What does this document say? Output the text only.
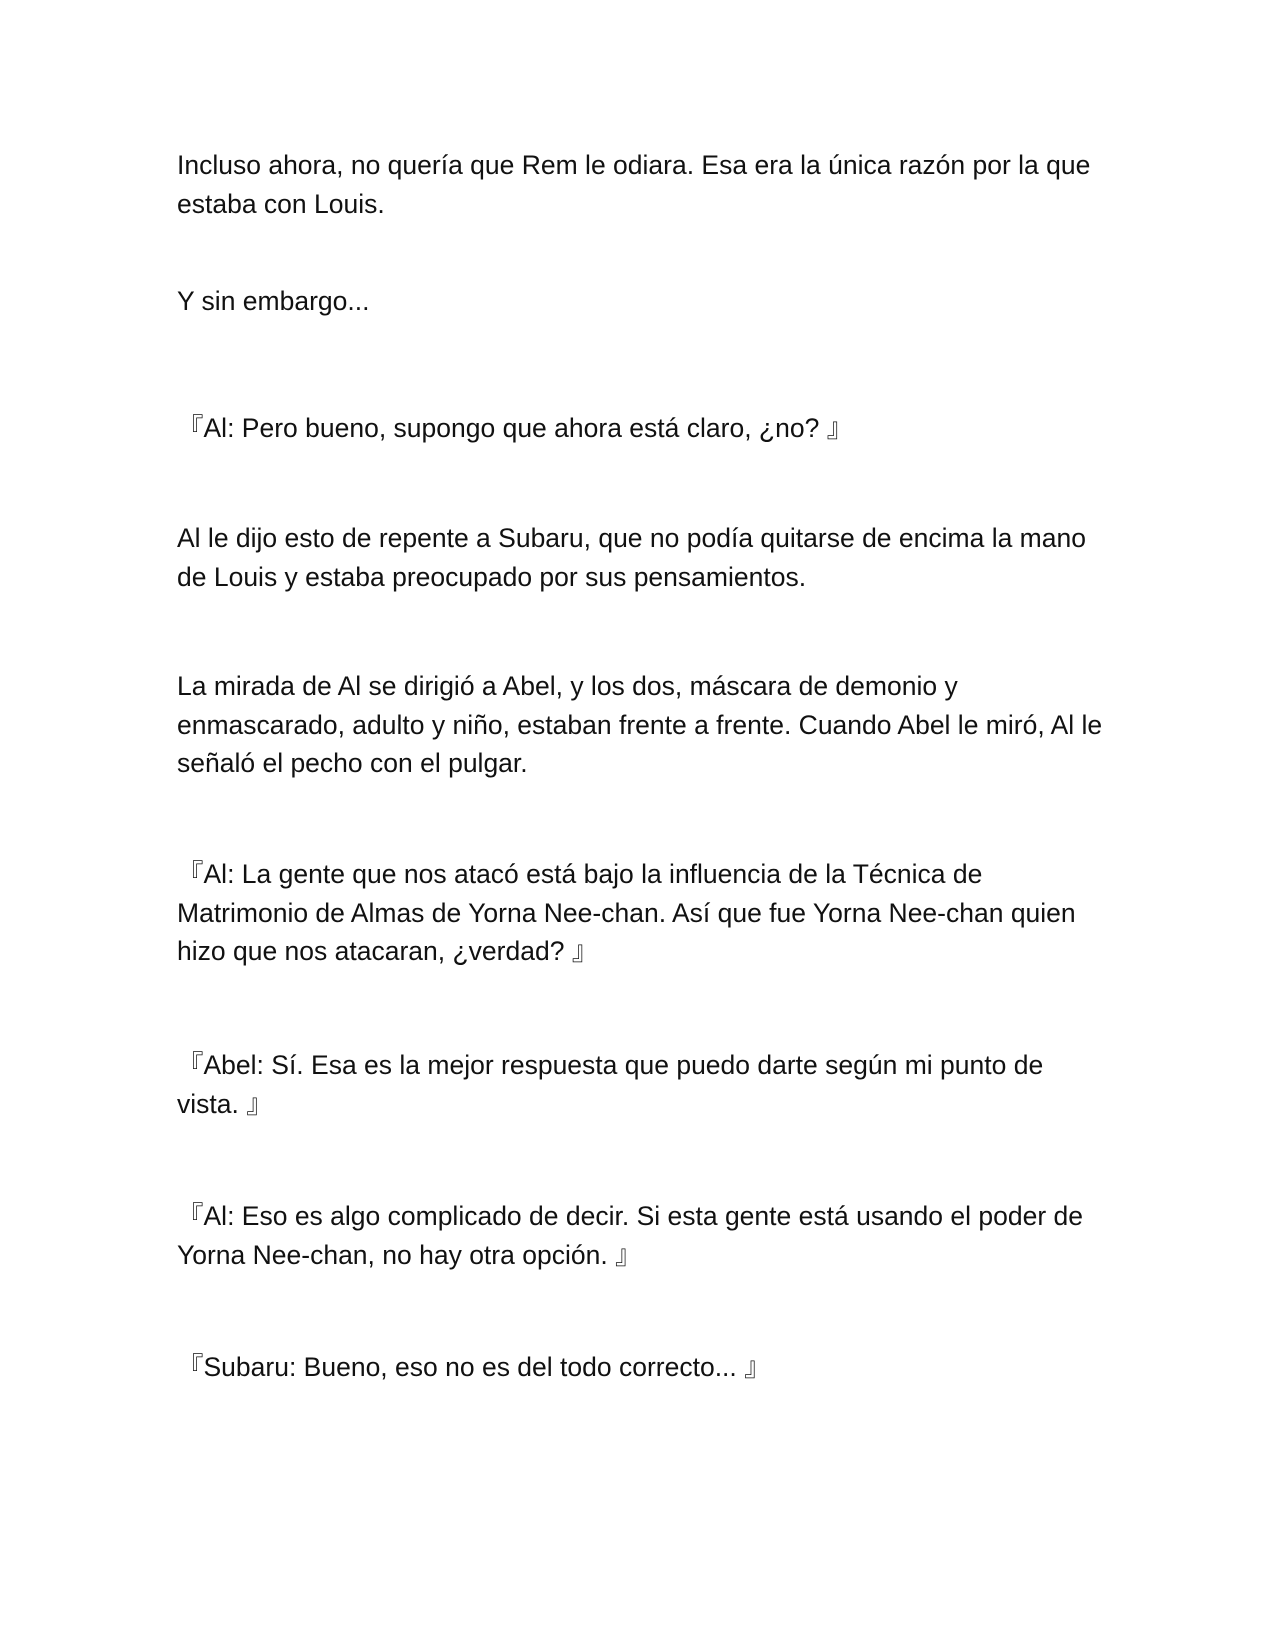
Incluso ahora, no quería que Rem le odiara. Esa era la única razón por la que estaba con Louis.

Y sin embargo...

『Al: Pero bueno, supongo que ahora está claro, ¿no? 』

Al le dijo esto de repente a Subaru, que no podía quitarse de encima la mano de Louis y estaba preocupado por sus pensamientos.

La mirada de Al se dirigió a Abel, y los dos, máscara de demonio y enmascarado, adulto y niño, estaban frente a frente. Cuando Abel le miró, Al le señaló el pecho con el pulgar.

『Al: La gente que nos atacó está bajo la influencia de la Técnica de Matrimonio de Almas de Yorna Nee-chan. Así que fue Yorna Nee-chan quien hizo que nos atacaran, ¿verdad? 』

『Abel: Sí. Esa es la mejor respuesta que puedo darte según mi punto de vista. 』

『Al: Eso es algo complicado de decir. Si esta gente está usando el poder de Yorna Nee-chan, no hay otra opción. 』

『Subaru: Bueno, eso no es del todo correcto... 』
